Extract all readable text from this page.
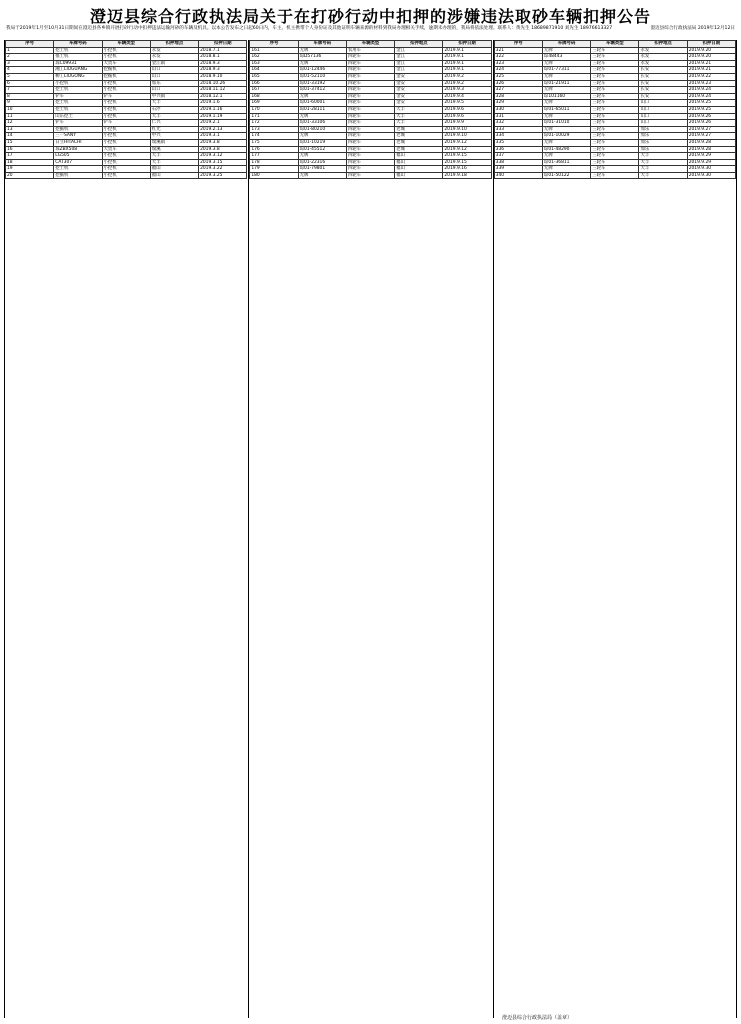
澄迈县综合行政执法局关于在打砂行动中扣押的涉嫌违法取砂车辆扣押公告
我局于2019年1月至10月31日期间在澄迈县各乡镇开展打砂行动中扣押违法运输河砂的车辆及机具。以本公告发布之日起60日内，车主、机主携带个人身份证及其他证明车辆来源的材料到我局办理相关手续，逾期未办理的，我局将依法处理。联系人：黄先生 18689871910 刘先生 18976613327	澄迈县综合行政执法局 2019年12月12日
序号	车牌号码	车辆类型	扣押地点	扣押日期
1	挖土机	小挖机	永发	2018.7.1
2	推土机	小挖机	永发	2018.8.1
3	琼C09931	大货车	金江镇	2018.9.3
4	湘工LIUGUANG	挖掘机	山口	2018.9.3
5	柳工LIUGONG	挖掘机	山口	2018.9.10
6	小挖机	小挖机	加乐	2018.10.26
7	挖土机	小挖机	山口	2018.11.12
8	铲车	铲车	中兴镇	2018.12.1
9	挖土机	小挖机	大丰	2019.1.6
10	挖土机	小挖机	石浮	2019.1.16
11	山东挖土	小挖机	大丰	2019.1.19
12	铲车	铲车	仁兴	2019.2.1
13	挖掘机	小挖机	红光	2019.2.13
14	三一SANY	小挖机	中兴	2019.3.1
15	日立HITACHI	小挖机	瑞溪镇	2019.3.8
16	琼ZBX508	大货车	瑞溪	2019.3.8
17	LG505	小挖机	大丰	2019.3.12
18	CAT307	小挖机	大丰	2019.3.15
19	挖土机	小挖机	福山	2019.3.22
20	挖掘机	小挖机	福山	2019.3.25
序号	车牌号码	车辆类型	扣押地点	扣押日期
161	无牌	农用车	金江	2019.9.1
162	琼D57136	四轮车	金江	2019.9.1
163	无牌	四轮车	金江	2019.9.1
164	琼01-12446	四轮车	金江	2019.9.1
165	琼01-52110	四轮车	金安	2019.9.2
166	琼01-33192	四轮车	金安	2019.9.2
167	琼01-37412	四轮车	金安	2019.9.3
168	无牌	四轮车	金安	2019.9.4
169	琼01-60001	四轮车	金安	2019.9.5
170	琼01-28111	四轮车	大丰	2019.9.6
171	无牌	四轮车	大丰	2019.9.6
172	琼01-33106	四轮车	大丰	2019.9.9
173	琼01-80210	四轮车	老城	2019.9.10
174	无牌	四轮车	老城	2019.9.10
175	琼01-10219	四轮车	老城	2019.9.12
176	琼01-45512	四轮车	老城	2019.9.12
177	无牌	四轮车	福山	2019.9.15
178	琼01-22316	四轮车	福山	2019.9.15
179	琼01-79801	四轮车	福山	2019.9.16
180	无牌	四轮车	福山	2019.9.18
序号	车牌号码	车辆类型	扣押地点	扣押日期
321	无牌	三轮车	永发	2019.9.20
322	琼48443	三轮车	永发	2019.9.20
323	无牌	三轮车	永发	2019.9.21
324	琼01-77311	三轮车	长安	2019.9.21
325	无牌	三轮车	长安	2019.9.22
326	琼01-21911	三轮车	长安	2019.9.23
327	无牌	三轮车	长安	2019.9.24
328	琼101160	三轮车	长安	2019.9.24
329	无牌	三轮车	山口	2019.9.25
330	琼01-65011	三轮车	山口	2019.9.25
331	无牌	三轮车	山口	2019.9.26
332	琼01-31010	三轮车	山口	2019.9.26
333	无牌	三轮车	加乐	2019.9.27
334	琼01-10029	三轮车	加乐	2019.9.27
335	无牌	三轮车	加乐	2019.9.28
336	琼01-48290	三轮车	加乐	2019.9.28
337	无牌	三轮车	大丰	2019.9.29
338	琼01-36811	三轮车	大丰	2019.9.29
339	无牌	三轮车	大丰	2019.9.30
340	琼01-50122	三轮车	大丰	2019.9.30
澄迈县综合行政执法局（盖章）
